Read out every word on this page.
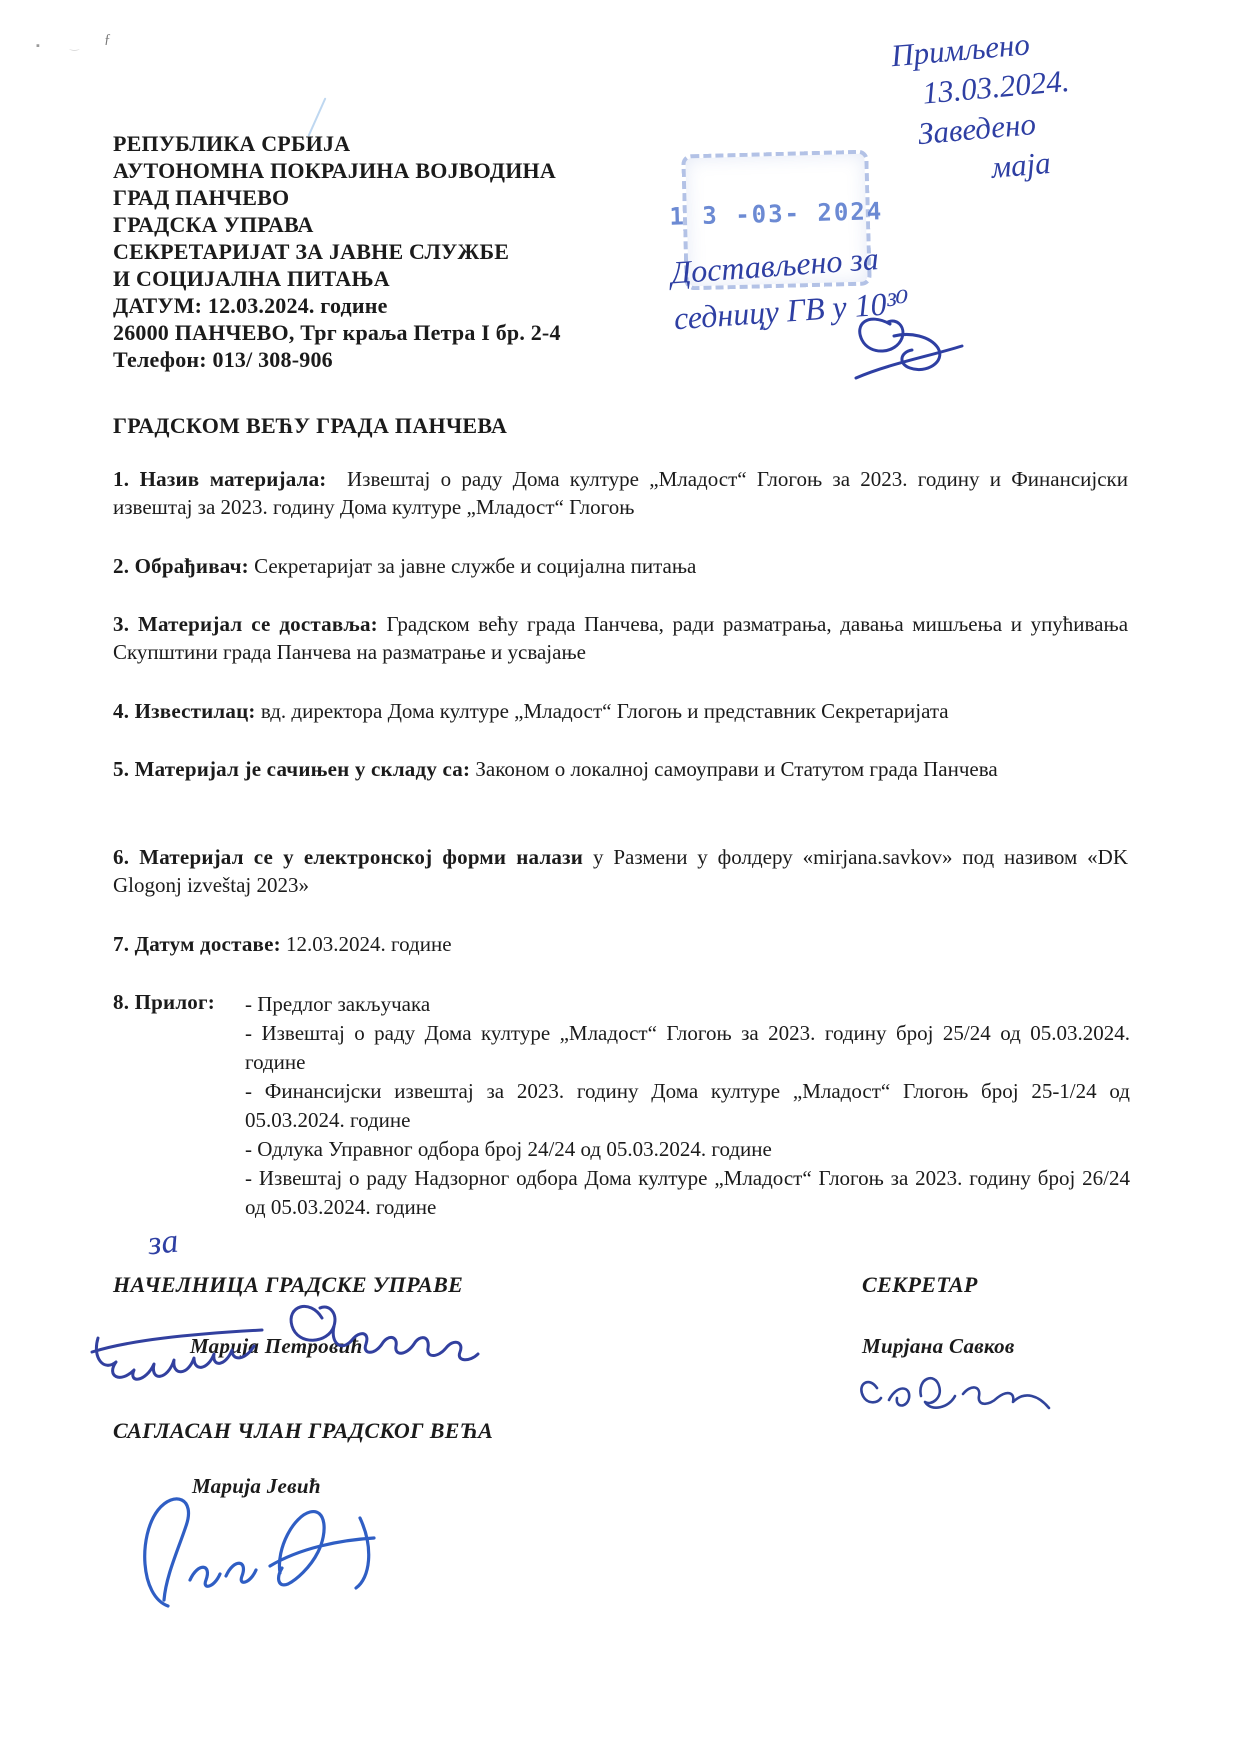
▪	‿ ƒ	Примљено
13.03.2024.
Заведено
маја
1 3 -03- 2024
Достављено за
седницу ГВ у 10³⁰
РЕПУБЛИКА СРБИЈА
АУТОНОМНА ПОКРАЈИНА ВОЈВОДИНА
ГРАД ПАНЧЕВО
ГРАДСКА УПРАВА
СЕКРЕТАРИЈАТ ЗА ЈАВНЕ СЛУЖБЕ
И СОЦИЈАЛНА ПИТАЊА
ДАТУМ: 12.03.2024. године
26000 ПАНЧЕВО, Трг краља Петра I бр. 2-4
Телефон: 013/ 308-906
ГРАДСКОМ ВЕЋУ ГРАДА ПАНЧЕВА

1. Назив материјала: Извештај о раду Дома културе „Младост“ Глогоњ за 2023. годину и Финансијски извештај за 2023. годину Дома културе „Младост“ Глогоњ

2. Обрађивач: Секретаријат за јавне службе и социјална питања

3. Материјал се доставља: Градском већу града Панчева, ради разматрања, давања мишљења и упућивања Скупштини града Панчева на разматрање и усвајање

4. Известилац: вд. директора Дома културе „Младост“ Глогоњ и представник Секретаријата

5. Материјал је сачињен у складу са: Законом о локалној самоуправи и Статутом града Панчева

6. Материјал се у електронској форми налази у Размени у фолдеру «mirjana.savkov» под називом «DK Glogonj izveštaj 2023»

7. Датум доставе: 12.03.2024. године

8. Прилог: - Предлог закључака
- Извештај о раду Дома културе „Младост“ Глогоњ за 2023. годину број 25/24 од 05.03.2024. године
- Финансијски извештај за 2023. годину Дома културе „Младост“ Глогоњ број 25-1/24 од 05.03.2024. године
- Одлука Управног одбора број 24/24 од 05.03.2024. године
- Извештај о раду Надзорног одбора Дома културе „Младост“ Глогоњ за 2023. годину број 26/24 од 05.03.2024. године
за
НАЧЕЛНИЦА ГРАДСКЕ УПРАВЕ	СЕКРЕТАР
Марија Петровић	Мирјана Савков
САГЛАСАН ЧЛАН ГРАДСКОГ ВЕЋА
Марија Јевић
